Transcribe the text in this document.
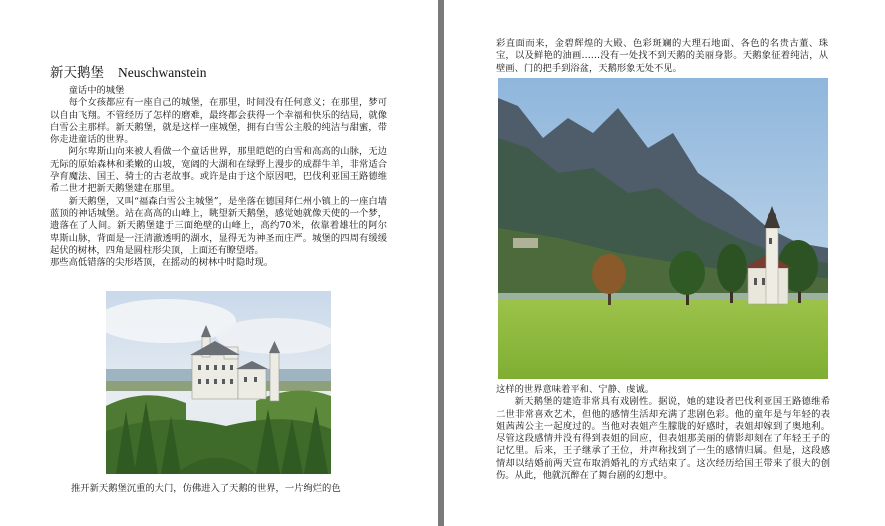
新天鹅堡 Neuschwanstein

童话中的城堡

每个女孩都应有一座自己的城堡，在那里，时间没有任何意义；在那里，梦可以自由飞翔。不管经历了怎样的磨难，最终都会获得一个幸福和快乐的结局，就像白雪公主那样。新天鹅堡，就是这样一座城堡，拥有白雪公主般的纯洁与甜蜜，带你走进童话的世界。

阿尔卑斯山向来被人看做一个童话世界，那里皑皑的白雪和高高的山脉，无边无际的原始森林和柔嫩的山坡，宽阔的大湖和在绿野上漫步的成群牛羊，非常适合孕育魔法、国王、骑士的古老故事。或许是由于这个原因吧，巴伐利亚国王路德维希二世才把新天鹅堡建在那里。

新天鹅堡，又叫“福森白雪公主城堡”，是坐落在德国拜仁州小镇上的一座白墙蓝顶的神话城堡。站在高高的山峰上，眺望新天鹅堡，感觉她就像天使的一个梦，遗落在了人间。新天鹅堡建于三面绝壁的山峰上，高约70米，依靠着雄壮的阿尔卑斯山脉，背面是一汪清澈透明的湖水，显得无为神圣而庄严。城堡的四周有缓缓起伏的树林，四角是圆柱形尖顶，上面还有瞭望塔。

那些高低错落的尖形塔顶，在摇动的树林中时隐时现。

推开新天鹅堡沉重的大门，仿佛进入了天鹅的世界，一片绚烂的色

彩直面而来，金碧辉煌的大殿、色彩斑斓的大理石地面、各色的名贵古董、珠宝，以及鲜艳的油画……没有一处找不到天鹅的美丽身影。天鹅象征着纯洁，从壁画、门的把手到浴盆，天鹅形象无处不见。

这样的世界意味着平和、宁静、虔诚。

新天鹅堡的建造非常具有戏剧性。据说，她的建设者巴伐利亚国王路德维希二世非常喜欢艺术，但他的感情生活却充满了悲剧色彩。他的童年是与年轻的表姐茜茜公主一起度过的。当他对表姐产生朦胧的好感时，表姐却嫁到了奥地利。尽管这段感情并没有得到表姐的回应，但表姐那美丽的倩影却刻在了年轻王子的记忆里。后来，王子继承了王位，并声称找到了一生的感情归属。但是，这段感情却以结婚前两天宣布取消婚礼的方式结束了。这次经历给国王带来了很大的创伤。从此，他就沉醉在了舞台剧的幻想中。
